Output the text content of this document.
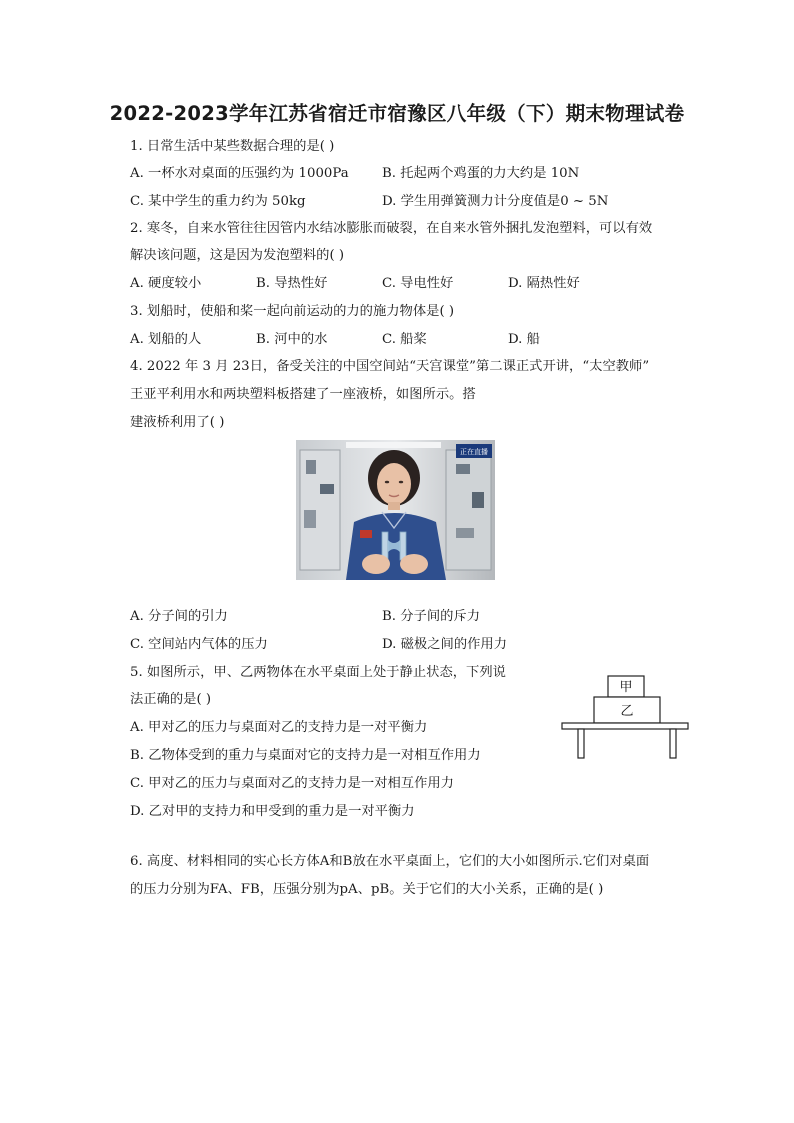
2022-2023学年江苏省宿迁市宿豫区八年级（下）期末物理试卷
1. 日常生活中某些数据合理的是( )
A. 一杯水对桌面的压强约为 1000Pa	B. 托起两个鸡蛋的力大约是 10N
C. 某中学生的重力约为 50kg	D. 学生用弹簧测力计分度值是0 ~ 5N
2. 寒冬，自来水管往往因管内水结冰膨胀而破裂，在自来水管外捆扎发泡塑料，可以有效
解决该问题，这是因为发泡塑料的( )
A. 硬度较小	B. 导热性好	C. 导电性好	D. 隔热性好
3. 划船时，使船和桨一起向前运动的力的施力物体是( )
A. 划船的人	B. 河中的水	C. 船桨	D. 船
4. 2022 年 3 月 23日，备受关注的中国空间站“天宫课堂”第二课正式开讲，“太空教师”
王亚平利用水和两块塑料板搭建了一座液桥，如图所示。搭
建液桥利用了( )
正在直播
A. 分子间的引力	B. 分子间的斥力
C. 空间站内气体的压力	D. 磁极之间的作用力
5. 如图所示，甲、乙两物体在水平桌面上处于静止状态，下列说
法正确的是( )
A. 甲对乙的压力与桌面对乙的支持力是一对平衡力
B. 乙物体受到的重力与桌面对它的支持力是一对相互作用力
C. 甲对乙的压力与桌面对乙的支持力是一对相互作用力
D. 乙对甲的支持力和甲受到的重力是一对平衡力
甲
乙
6. 高度、材料相同的实心长方体A和B放在水平桌面上，它们的大小如图所示.它们对桌面
的压力分别为FA、FB，压强分别为pA、pB。关于它们的大小关系，正确的是( )
